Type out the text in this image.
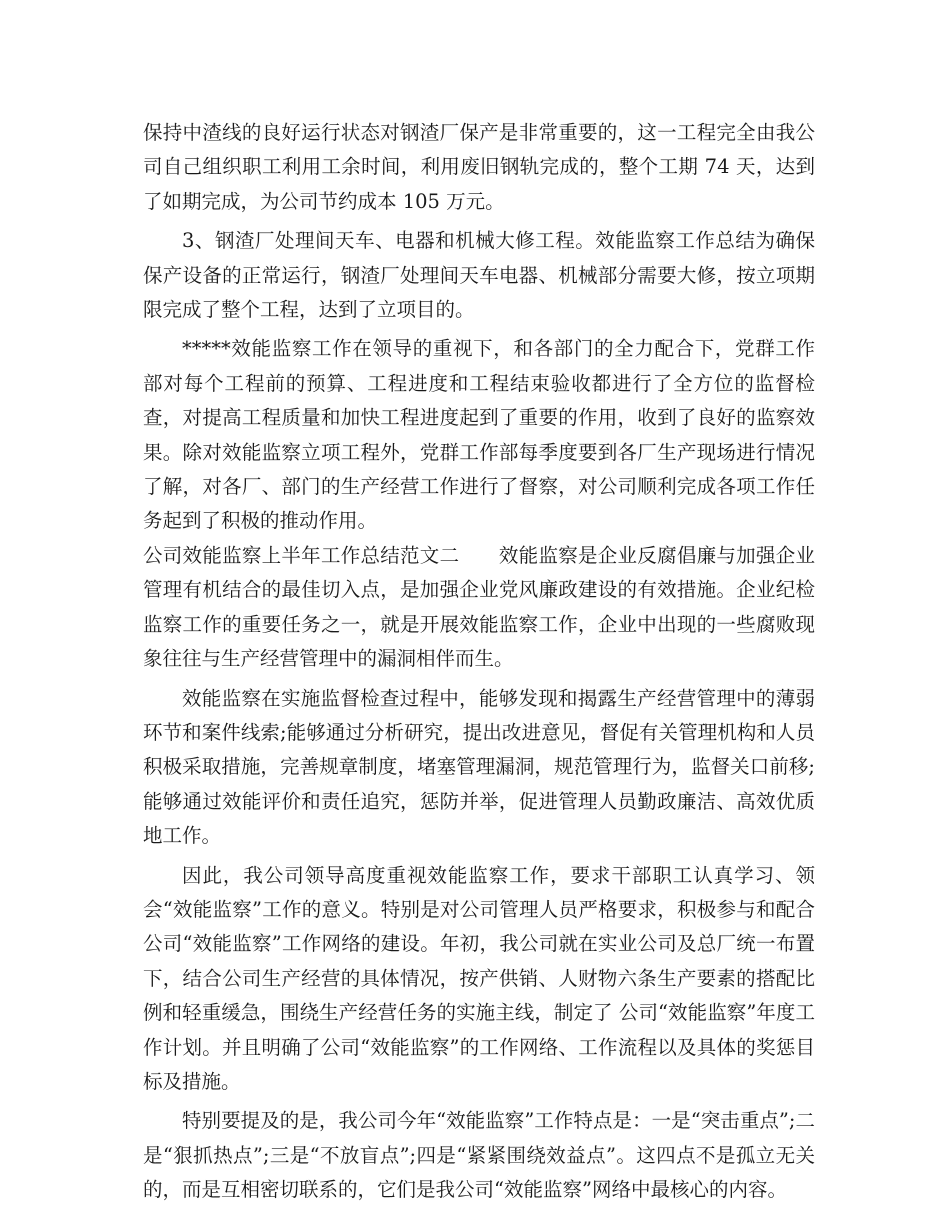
保持中渣线的良好运行状态对钢渣厂保产是非常重要的，这一工程完全由我公司自己组织职工利用工余时间，利用废旧钢轨完成的，整个工期 74 天，达到了如期完成，为公司节约成本 105 万元。

3、钢渣厂处理间天车、电器和机械大修工程。效能监察工作总结为确保保产设备的正常运行，钢渣厂处理间天车电器、机械部分需要大修，按立项期限完成了整个工程，达到了立项目的。

*****效能监察工作在领导的重视下，和各部门的全力配合下，党群工作部对每个工程前的预算、工程进度和工程结束验收都进行了全方位的监督检查，对提高工程质量和加快工程进度起到了重要的作用，收到了良好的监察效果。除对效能监察立项工程外，党群工作部每季度要到各厂生产现场进行情况了解，对各厂、部门的生产经营工作进行了督察，对公司顺利完成各项工作任务起到了积极的推动作用。

公司效能监察上半年工作总结范文二　　效能监察是企业反腐倡廉与加强企业管理有机结合的最佳切入点，是加强企业党风廉政建设的有效措施。企业纪检监察工作的重要任务之一，就是开展效能监察工作，企业中出现的一些腐败现象往往与生产经营管理中的漏洞相伴而生。

效能监察在实施监督检查过程中，能够发现和揭露生产经营管理中的薄弱环节和案件线索;能够通过分析研究，提出改进意见，督促有关管理机构和人员积极采取措施，完善规章制度，堵塞管理漏洞，规范管理行为，监督关口前移;能够通过效能评价和责任追究，惩防并举，促进管理人员勤政廉洁、高效优质地工作。

因此，我公司领导高度重视效能监察工作，要求干部职工认真学习、领会“效能监察”工作的意义。特别是对公司管理人员严格要求，积极参与和配合公司“效能监察”工作网络的建设。年初，我公司就在实业公司及总厂统一布置下，结合公司生产经营的具体情况，按产供销、人财物六条生产要素的搭配比例和轻重缓急，围绕生产经营任务的实施主线，制定了 公司“效能监察”年度工作计划。并且明确了公司“效能监察”的工作网络、工作流程以及具体的奖惩目标及措施。

特别要提及的是，我公司今年“效能监察”工作特点是：一是“突击重点”;二是“狠抓热点”;三是“不放盲点”;四是“紧紧围绕效益点”。这四点不是孤立无关的，而是互相密切联系的，它们是我公司“效能监察”网络中最核心的内容。
